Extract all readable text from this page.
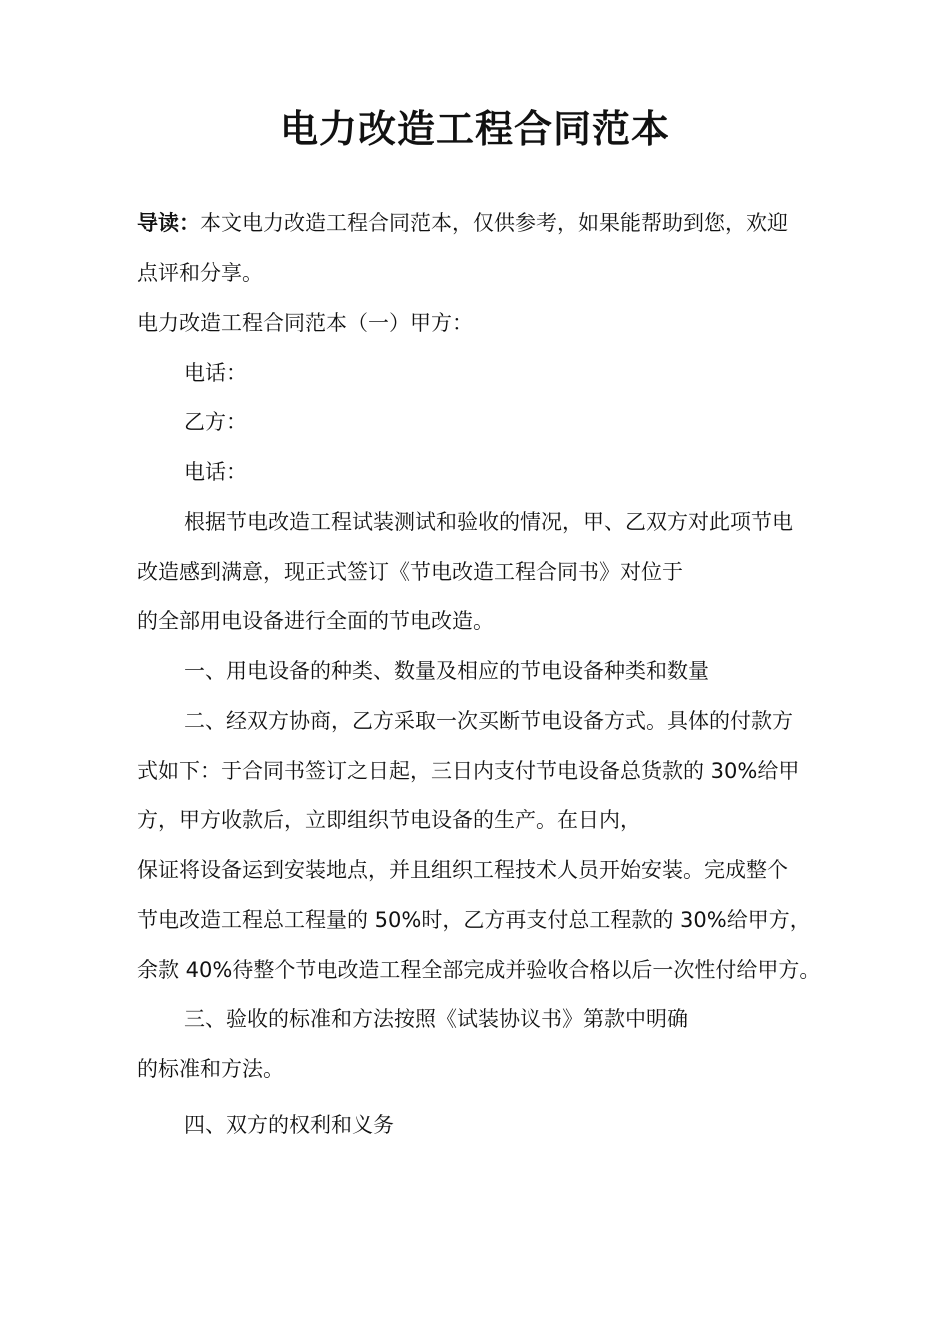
电力改造工程合同范本
导读：本文电力改造工程合同范本，仅供参考，如果能帮助到您，欢迎
点评和分享。
电力改造工程合同范本（一）甲方：
电话：
乙方：
电话：
根据节电改造工程试装测试和验收的情况，甲、乙双方对此项节电
改造感到满意，现正式签订《节电改造工程合同书》对位于
的全部用电设备进行全面的节电改造。
一、用电设备的种类、数量及相应的节电设备种类和数量
二、经双方协商，乙方采取一次买断节电设备方式。具体的付款方
式如下：于合同书签订之日起，三日内支付节电设备总货款的 30%给甲
方，甲方收款后，立即组织节电设备的生产。在日内，
保证将设备运到安装地点，并且组织工程技术人员开始安装。完成整个
节电改造工程总工程量的 50%时，乙方再支付总工程款的 30%给甲方，
余款 40%待整个节电改造工程全部完成并验收合格以后一次性付给甲方。
三、验收的标准和方法按照《试装协议书》第款中明确
的标准和方法。
四、双方的权利和义务
